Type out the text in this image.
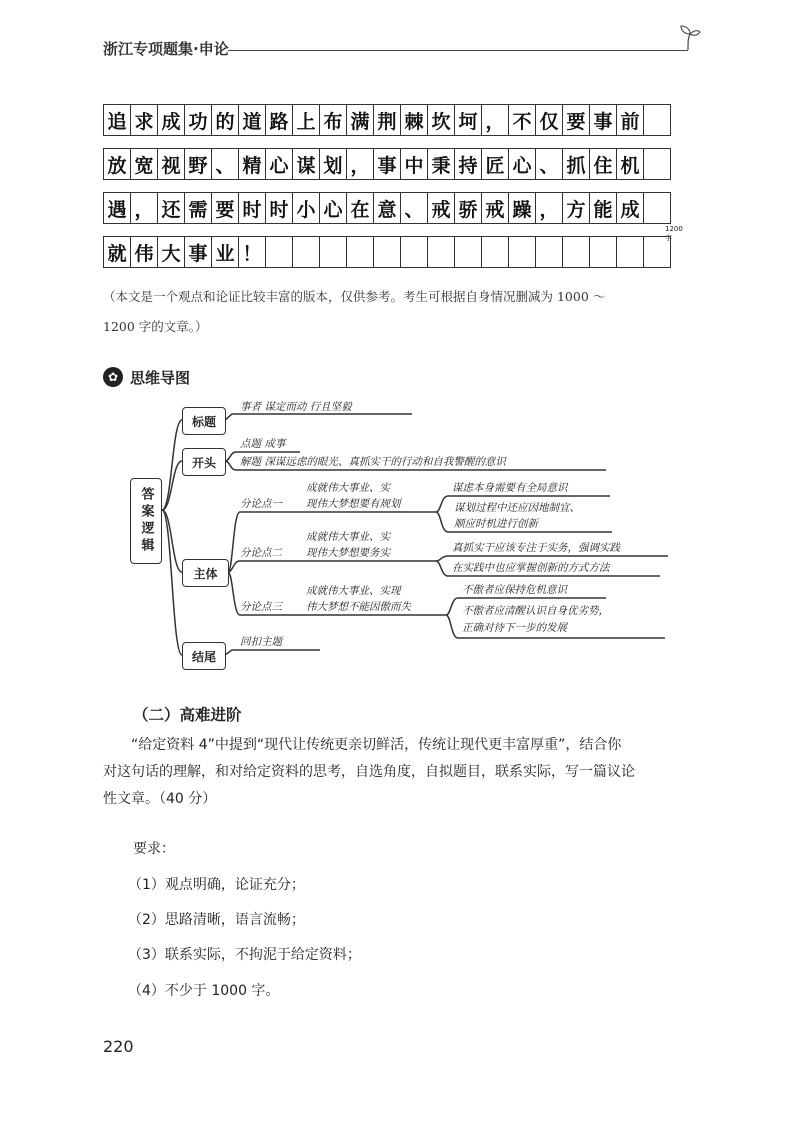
浙江专项题集·申论
追 求 成 功 的 道 路 上 布 满 荆 棘 坎 坷 ， 不 仅 要 事 前
放 宽 视 野 、 精 心 谋 划 ， 事 中 秉 持 匠 心 、 抓 住 机
遇 ， 还 需 要 时 时 小 心 在 意 、 戒 骄 戒 躁 ， 方 能 成
就 伟 大 事 业 ！
1200字
（本文是一个观点和论证比较丰富的版本，仅供参考。考生可根据自身情况删减为 1000 ～
1200 字的文章。）
✿ 思维导图
答案逻辑
标题
开头
主体
结尾
事者 谋定而动 行且坚毅
点题 成事
解题 深谋远虑的眼光、真抓实干的行动和自我警醒的意识
分论点一
成就伟大事业、实
现伟大梦想要有规划
谋虑本身需要有全局意识
谋划过程中还应因地制宜、
顺应时机进行创新
分论点二
成就伟大事业、实
现伟大梦想要务实	真抓实干应该专注于实务，强调实践
在实践中也应掌握创新的方式方法
分论点三
成就伟大事业、实现
伟大梦想不能因傲而失
不傲者应保持危机意识
不傲者应清醒认识自身优劣势，
正确对待下一步的发展
回扣主题
（二）高难进阶
“给定资料 4”中提到“现代让传统更亲切鲜活，传统让现代更丰富厚重”，结合你
对这句话的理解，和对给定资料的思考，自选角度，自拟题目，联系实际，写一篇议论
性文章。（40 分）
要求：
（1）观点明确，论证充分；
（2）思路清晰，语言流畅；
（3）联系实际，不拘泥于给定资料；
（4）不少于 1000 字。
220
